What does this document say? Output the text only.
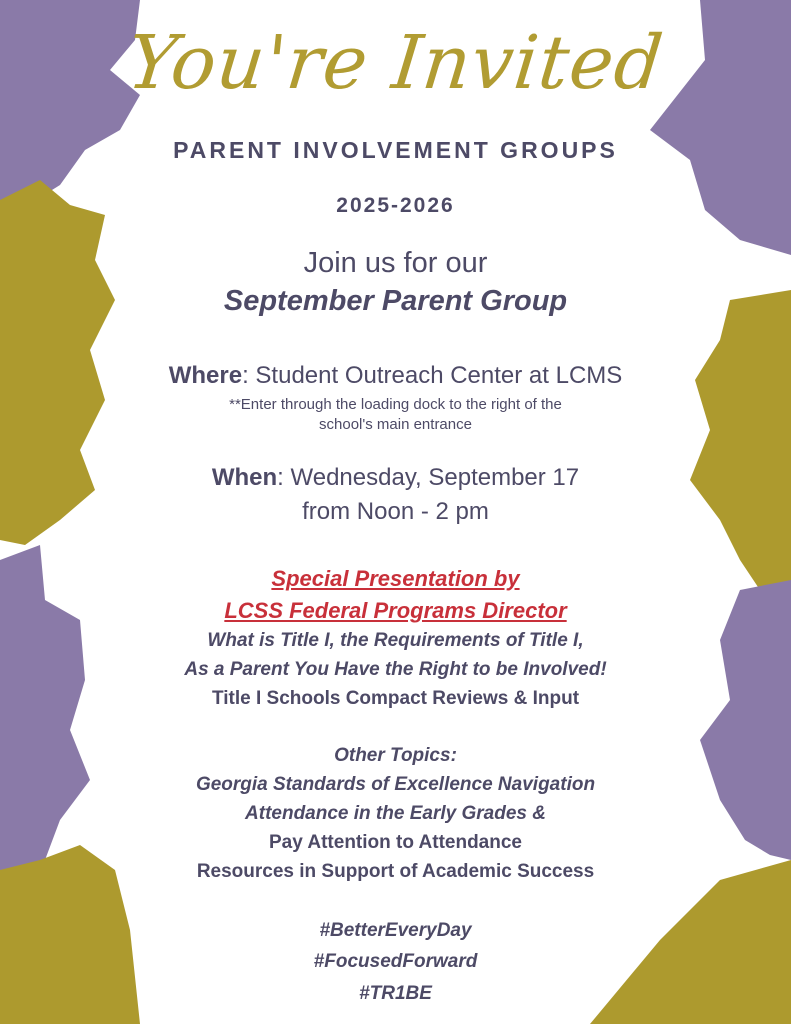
You're Invited
PARENT INVOLVEMENT GROUPS
2025-2026
Join us for our
September Parent Group
Where: Student Outreach Center at LCMS
**Enter through the loading dock to the right of the
school's main entrance
When: Wednesday, September 17
from Noon - 2 pm
Special Presentation by
LCSS Federal Programs Director
What is Title I, the Requirements of Title I,
As a Parent You Have the Right to be Involved!
Title I Schools Compact Reviews & Input
Other Topics:
Georgia Standards of Excellence Navigation
Attendance in the Early Grades &
Pay Attention to Attendance
Resources in Support of Academic Success
#BetterEveryDay
#FocusedForward
#TR1BE
